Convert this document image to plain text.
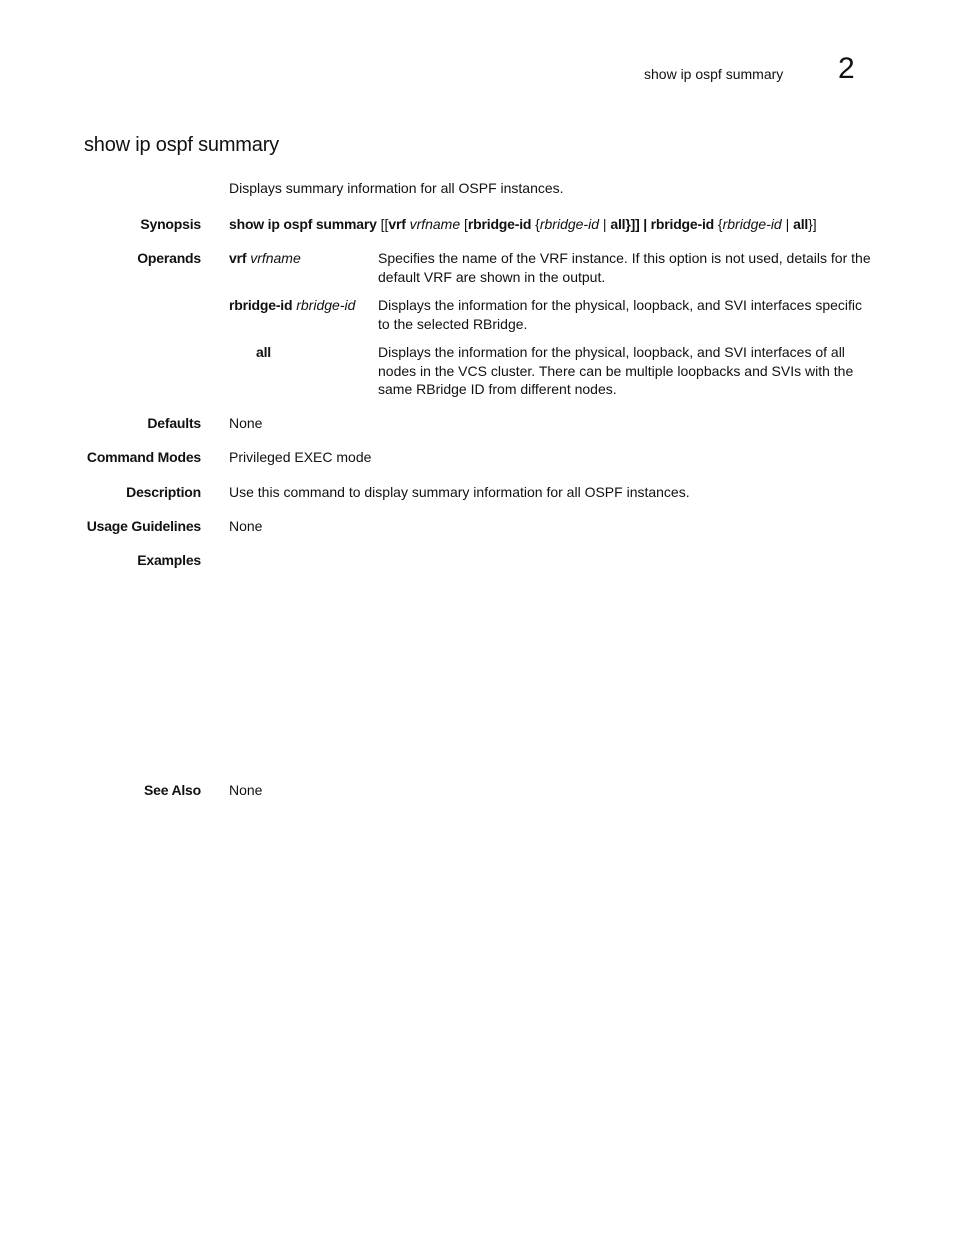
show ip ospf summary 2
show ip ospf summary
Displays summary information for all OSPF instances.
Synopsis show ip ospf summary [[vrf vrfname [rbridge-id {rbridge-id | all}]] | rbridge-id {rbridge-id | all}]
Operands vrf vrfname	Specifies the name of the VRF instance. If this option is not used, details for the default VRF are shown in the output.
rbridge-id rbridge-id Displays the information for the physical, loopback, and SVI interfaces specific to the selected RBridge.
all	Displays the information for the physical, loopback, and SVI interfaces of all nodes in the VCS cluster. There can be multiple loopbacks and SVIs with the same RBridge ID from different nodes.
Defaults None
Command Modes Privileged EXEC mode
Description Use this command to display summary information for all OSPF instances.
Usage Guidelines None
Examples
See Also None
